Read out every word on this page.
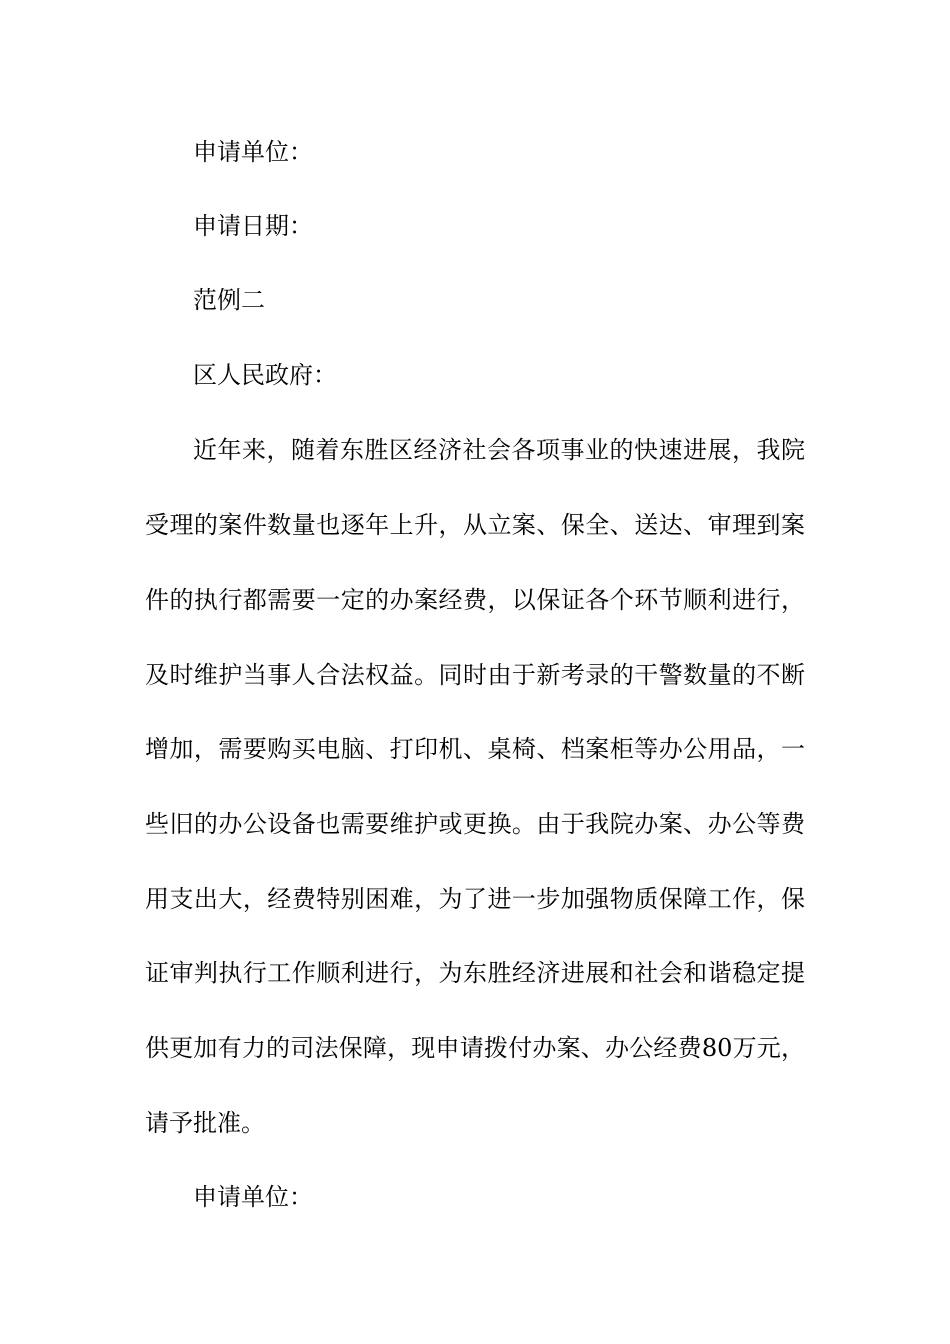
申请单位：

申请日期：

范例二

区人民政府：

近年来，随着东胜区经济社会各项事业的快速进展，我院

受理的案件数量也逐年上升，从立案、保全、送达、审理到案

件的执行都需要一定的办案经费，以保证各个环节顺利进行，

及时维护当事人合法权益。同时由于新考录的干警数量的不断

增加，需要购买电脑、打印机、桌椅、档案柜等办公用品，一

些旧的办公设备也需要维护或更换。由于我院办案、办公等费

用支出大，经费特别困难，为了进一步加强物质保障工作，保

证审判执行工作顺利进行，为东胜经济进展和社会和谐稳定提

供更加有力的司法保障，现申请拨付办案、办公经费80万元，

请予批准。

申请单位：
